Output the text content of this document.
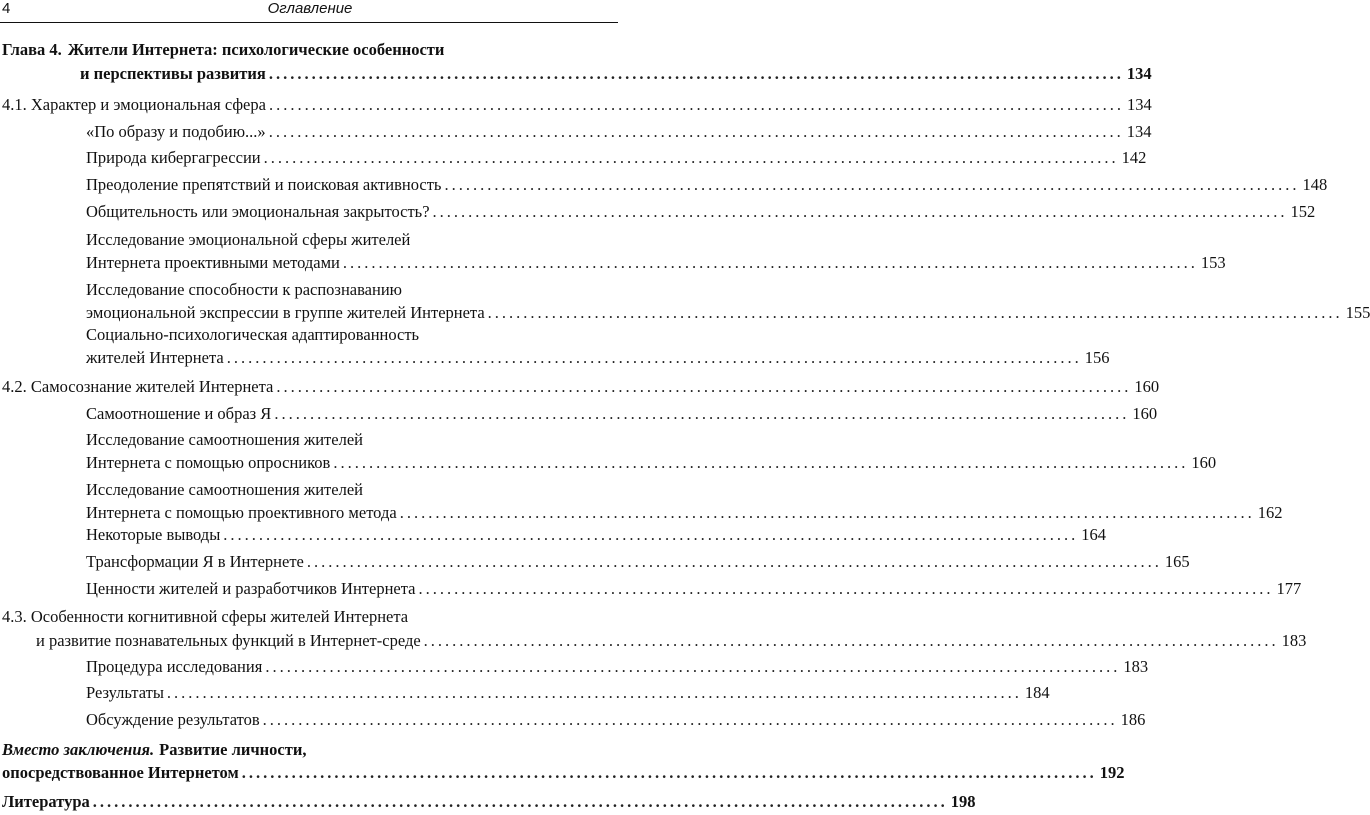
4	Оглавление
Глава 4. Жители Интернета: психологические особенности
и перспективы развития ........................................................................................................................ 134
4.1. Характер и эмоциональная сфера ........................................................................................................................ 134
«По образу и подобию...» ........................................................................................................................ 134
Природа кибергагрессии ........................................................................................................................ 142
Преодоление препятствий и поисковая активность ........................................................................................................................ 148
Общительность или эмоциональная закрытость? ........................................................................................................................ 152
Исследование эмоциональной сферы жителей
Интернета проективными методами ........................................................................................................................ 153
Исследование способности к распознаванию
эмоциональной экспрессии в группе жителей Интернета ........................................................................................................................ 155
Социально-психологическая адаптированность
жителей Интернета ........................................................................................................................ 156
4.2. Самосознание жителей Интернета ........................................................................................................................ 160
Самоотношение и образ Я ........................................................................................................................ 160
Исследование самоотношения жителей
Интернета с помощью опросников ........................................................................................................................ 160
Исследование самоотношения жителей
Интернета с помощью проективного метода ........................................................................................................................ 162
Некоторые выводы ........................................................................................................................ 164
Трансформации Я в Интернете ........................................................................................................................ 165
Ценности жителей и разработчиков Интернета ........................................................................................................................ 177
4.3. Особенности когнитивной сферы жителей Интернета
и развитие познавательных функций в Интернет-среде ........................................................................................................................ 183
Процедура исследования ........................................................................................................................ 183
Результаты ........................................................................................................................ 184
Обсуждение результатов ........................................................................................................................ 186
Вместо заключения. Развитие личности,
опосредствованное Интернетом ........................................................................................................................ 192
Литература ........................................................................................................................ 198
